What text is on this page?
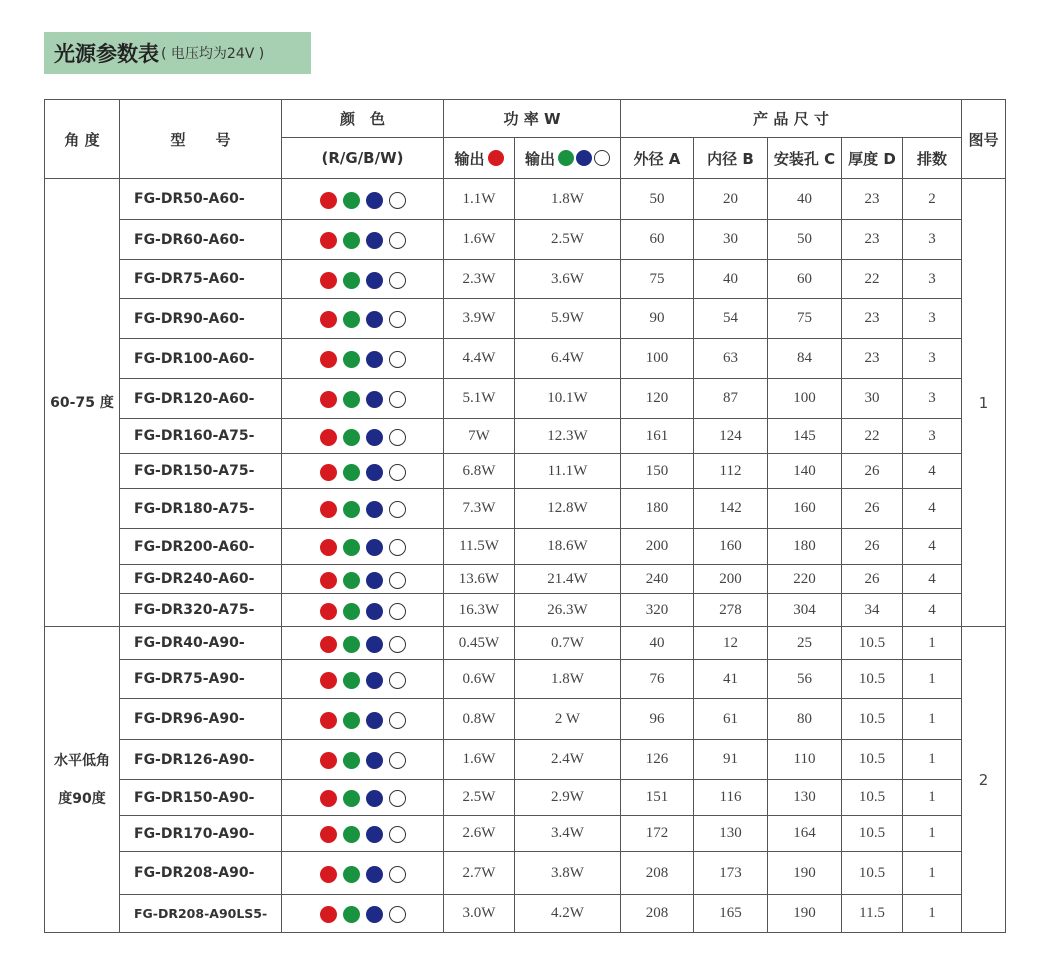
光源参数表 ( 电压均为24V )
角 度	型　　号	颜　色	功 率 W		产 品 尺 寸					图号
		(R/G/B/W)	输出	输出	外径 A	内径 B	安装孔 C	厚度 D	排数	
60-75 度	FG-DR50-A60-		1.1W	1.8W	50	20	40	23	2	1
	FG-DR60-A60-		1.6W	2.5W	60	30	50	23	3	
	FG-DR75-A60-		2.3W	3.6W	75	40	60	22	3	
	FG-DR90-A60-		3.9W	5.9W	90	54	75	23	3	
	FG-DR100-A60-		4.4W	6.4W	100	63	84	23	3	
	FG-DR120-A60-		5.1W	10.1W	120	87	100	30	3	
	FG-DR160-A75-		7W	12.3W	161	124	145	22	3	
	FG-DR150-A75-		6.8W	11.1W	150	112	140	26	4	
	FG-DR180-A75-		7.3W	12.8W	180	142	160	26	4	
	FG-DR200-A60-		11.5W	18.6W	200	160	180	26	4	
	FG-DR240-A60-		13.6W	21.4W	240	200	220	26	4	
	FG-DR320-A75-		16.3W	26.3W	320	278	304	34	4	
水平低角度90度	FG-DR40-A90-		0.45W	0.7W	40	12	25	10.5	1	2
	FG-DR75-A90-		0.6W	1.8W	76	41	56	10.5	1	
	FG-DR96-A90-		0.8W	2 W	96	61	80	10.5	1	
	FG-DR126-A90-		1.6W	2.4W	126	91	110	10.5	1	
	FG-DR150-A90-		2.5W	2.9W	151	116	130	10.5	1	
	FG-DR170-A90-		2.6W	3.4W	172	130	164	10.5	1	
	FG-DR208-A90-		2.7W	3.8W	208	173	190	10.5	1	
	FG-DR208-A90LS5-		3.0W	4.2W	208	165	190	11.5	1	
